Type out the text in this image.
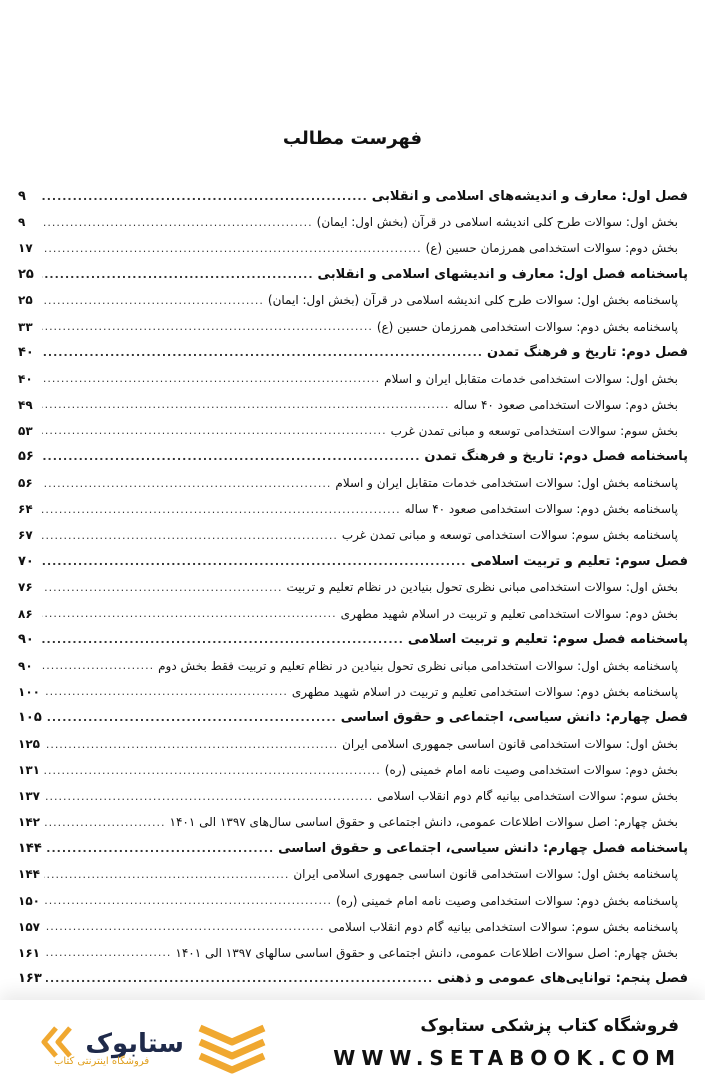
فهرست مطالب
فصل اول: معارف و اندیشه‌های اسلامی و انقلابی
.....
۹
بخش اول: سوالات طرح کلی اندیشه اسلامی در قرآن (بخش اول: ایمان)
.....
۹
بخش دوم: سوالات استخدامی همرزمان حسین (ع)
.....
۱۷
پاسخنامه فصل اول: معارف و اندیشهای اسلامی و انقلابی
.....
۲۵
پاسخنامه بخش اول: سوالات طرح کلی اندیشه اسلامی در قرآن (بخش اول: ایمان)
.....
۲۵
پاسخنامه بخش دوم: سوالات استخدامی همرزمان حسین (ع)
.....
۳۳
فصل دوم: تاریخ و فرهنگ تمدن
.....
۴۰
بخش اول: سوالات استخدامی خدمات متقابل ایران و اسلام
.....
۴۰
بخش دوم: سوالات استخدامی صعود ۴۰ ساله
.....
۴۹
بخش سوم: سوالات استخدامی توسعه و مبانی تمدن غرب
.....
۵۳
پاسخنامه فصل دوم: تاریخ و فرهنگ تمدن
.....
۵۶
پاسخنامه بخش اول: سوالات استخدامی خدمات متقابل ایران و اسلام
.....
۵۶
پاسخنامه بخش دوم: سوالات استخدامی صعود ۴۰ ساله
.....
۶۴
پاسخنامه بخش سوم: سوالات استخدامی توسعه و مبانی تمدن غرب
.....
۶۷
فصل سوم: تعلیم و تربیت اسلامی
.....
۷۰
بخش اول: سوالات استخدامی مبانی نظری تحول بنیادین در نظام تعلیم و تربیت
.....
۷۶
بخش دوم: سوالات استخدامی تعلیم و تربیت در اسلام شهید مطهری
.....
۸۶
پاسخنامه فصل سوم: تعلیم و تربیت اسلامی
.....
۹۰
پاسخنامه بخش اول: سوالات استخدامی مبانی نظری تحول بنیادین در نظام تعلیم و تربیت فقط بخش دوم
.....
۹۰
پاسخنامه بخش دوم: سوالات استخدامی تعلیم و تربیت در اسلام شهید مطهری
.....
۱۰۰
فصل چهارم: دانش سیاسی، اجتماعی و حقوق اساسی
.....
۱۰۵
بخش اول: سوالات استخدامی قانون اساسی جمهوری اسلامی ایران
.....
۱۲۵
بخش دوم: سوالات استخدامی وصیت نامه امام خمینی (ره)
.....
۱۳۱
بخش سوم: سوالات استخدامی بیانیه گام دوم انقلاب اسلامی
.....
۱۳۷
بخش چهارم: اصل سوالات اطلاعات عمومی، دانش اجتماعی و حقوق اساسی سال‌های ۱۳۹۷ الی ۱۴۰۱
.....
۱۴۲
پاسخنامه فصل چهارم: دانش سیاسی، اجتماعی و حقوق اساسی
.....
۱۴۴
پاسخنامه بخش اول: سوالات استخدامی قانون اساسی جمهوری اسلامی ایران
.....
۱۴۴
پاسخنامه بخش دوم: سوالات استخدامی وصیت نامه امام خمینی (ره)
.....
۱۵۰
پاسخنامه بخش سوم: سوالات استخدامی بیانیه گام دوم انقلاب اسلامی
.....
۱۵۷
بخش چهارم: اصل سوالات اطلاعات عمومی، دانش اجتماعی و حقوق اساسی سالهای ۱۳۹۷ الی ۱۴۰۱
.....
۱۶۱
فصل پنجم: توانایی‌های عمومی و ذهنی
.....
۱۶۳
ستابوک
فروشگاه اینترنتی کتاب
فروشگاه کتاب پزشکی ستابوک
WWW.SETABOOK.COM
